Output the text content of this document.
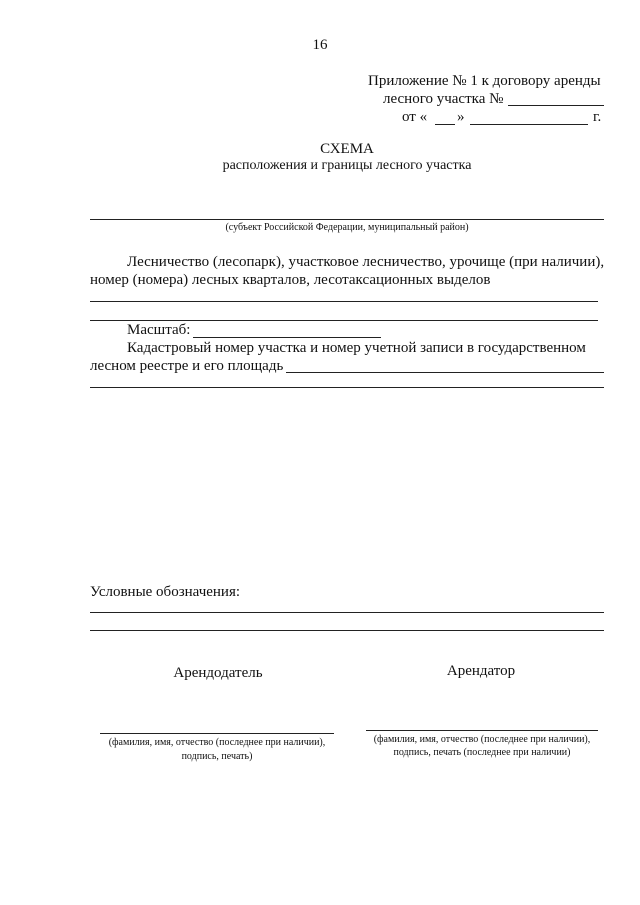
16
Приложение № 1 к договору аренды
лесного участка №
от « »	г.
СХЕМА
расположения и границы лесного участка
(субъект Российской Федерации, муниципальный район)
Лесничество (лесопарк), участковое лесничество, урочище (при наличии),
номер (номера) лесных кварталов, лесотаксационных выделов
Масштаб:
Кадастровый номер участка и номер учетной записи в государственном
лесном реестре и его площадь
Условные обозначения:
Арендодатель
(фамилия, имя, отчество (последнее при наличии),
подпись, печать)
Арендатор
(фамилия, имя, отчество (последнее при наличии),
подпись, печать (последнее при наличии)
